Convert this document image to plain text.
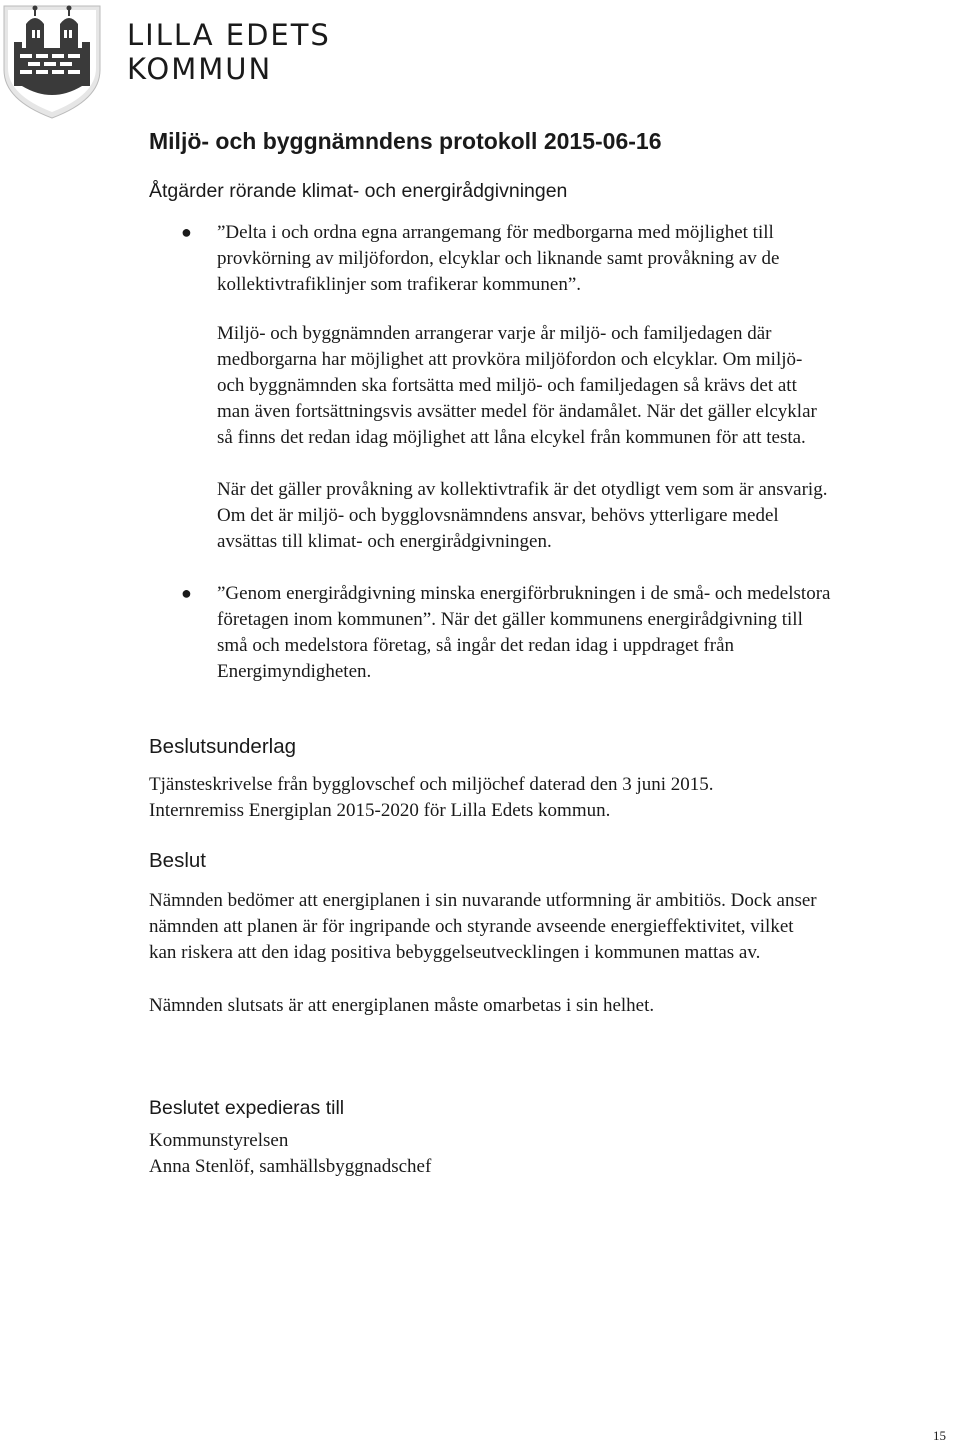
LILLA EDETS
KOMMUN
Miljö- och byggnämndens protokoll 2015-06-16
Åtgärder rörande klimat- och energirådgivningen
● ”Delta i och ordna egna arrangemang för medborgarna med möjlighet till
provkörning av miljöfordon, elcyklar och liknande samt provåkning av de
kollektivtrafiklinjer som trafikerar kommunen”.

Miljö- och byggnämnden arrangerar varje år miljö- och familjedagen där
medborgarna har möjlighet att provköra miljöfordon och elcyklar. Om miljö-
och byggnämnden ska fortsätta med miljö- och familjedagen så krävs det att
man även fortsättningsvis avsätter medel för ändamålet. När det gäller elcyklar
så finns det redan idag möjlighet att låna elcykel från kommunen för att testa.

När det gäller provåkning av kollektivtrafik är det otydligt vem som är ansvarig.
Om det är miljö- och bygglovsnämndens ansvar, behövs ytterligare medel
avsättas till klimat- och energirådgivningen.

● ”Genom energirådgivning minska energiförbrukningen i de små- och medelstora
företagen inom kommunen”. När det gäller kommunens energirådgivning till
små och medelstora företag, så ingår det redan idag i uppdraget från
Energimyndigheten.

Beslutsunderlag

Tjänsteskrivelse från bygglovschef och miljöchef daterad den 3 juni 2015.
Internremiss Energiplan 2015-2020 för Lilla Edets kommun.

Beslut

Nämnden bedömer att energiplanen i sin nuvarande utformning är ambitiös. Dock anser
nämnden att planen är för ingripande och styrande avseende energieffektivitet, vilket
kan riskera att den idag positiva bebyggelseutvecklingen i kommunen mattas av.

Nämnden slutsats är att energiplanen måste omarbetas i sin helhet.

Beslutet expedieras till

Kommunstyrelsen
Anna Stenlöf, samhällsbyggnadschef

15
